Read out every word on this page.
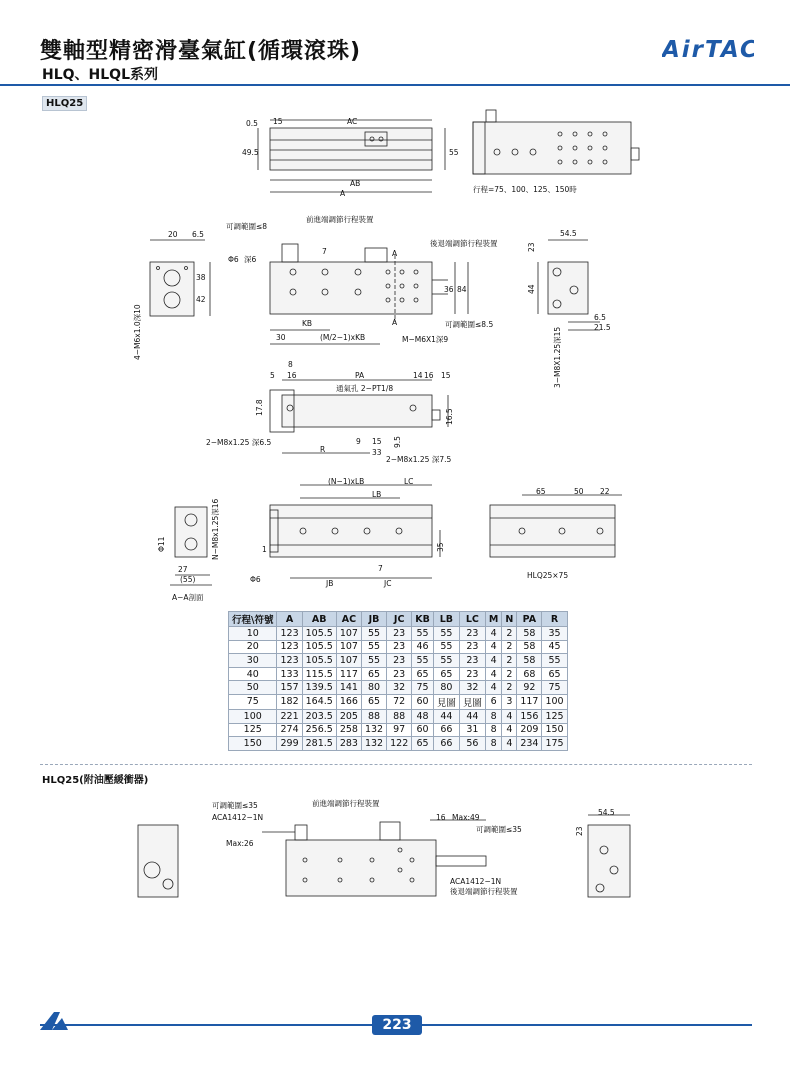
雙軸型精密滑臺氣缸(循環滾珠)
HLQ、HLQL系列
AirTAC
HLQ25
0.5 15	AC
49.5	55
AB
A	行程=75、100、125、150時
可調範圍≤8
前進端調節行程裝置
後退端調節行程裝置
20 6.5
Φ6 深6
7
38
42
36 84
A
A
KB
30	(M/2−1)xKB	M−M6X1深9
可調範圍≤8.5
4−M6x1.0深10
54.5
23
44
6.5
21.5
3−M8X1.25深15
8
5 16	PA	14 16 15
通氣孔 2−PT1/8
17.8
16.5
2−M8x1.25 深6.5	9 15 9.5
R	33
2−M8x1.25 深7.5
(N−1)xLB
LB
LC
N−M8x1.25深16
Φ11	1
27
(55)
A−A剖面
Φ6	JB	JC
7
35
65	50 22
HLQ25×75
可調範圍≤35
ACA1412−1N
前進端調節行程裝置
Max:26
16 Max:49
可調範圍≤35
ACA1412−1N
後退端調節行程裝置
54.5
23
行程\符號	A	AB	AC	JB	JC	KB	LB	LC	M	N	PA	R
10	123	105.5	107	55	23	55	55	23	4	2	58	35
20	123	105.5	107	55	23	46	55	23	4	2	58	45
30	123	105.5	107	55	23	55	55	23	4	2	58	55
40	133	115.5	117	65	23	65	65	23	4	2	68	65
50	157	139.5	141	80	32	75	80	32	4	2	92	75
75	182	164.5	166	65	72	60	見圖	見圖	6	3	117	100
100	221	203.5	205	88	88	48	44	44	8	4	156	125
125	274	256.5	258	132	97	60	66	31	8	4	209	150
150	299	281.5	283	132	122	65	66	56	8	4	234	175
HLQ25(附油壓緩衝器)
223
